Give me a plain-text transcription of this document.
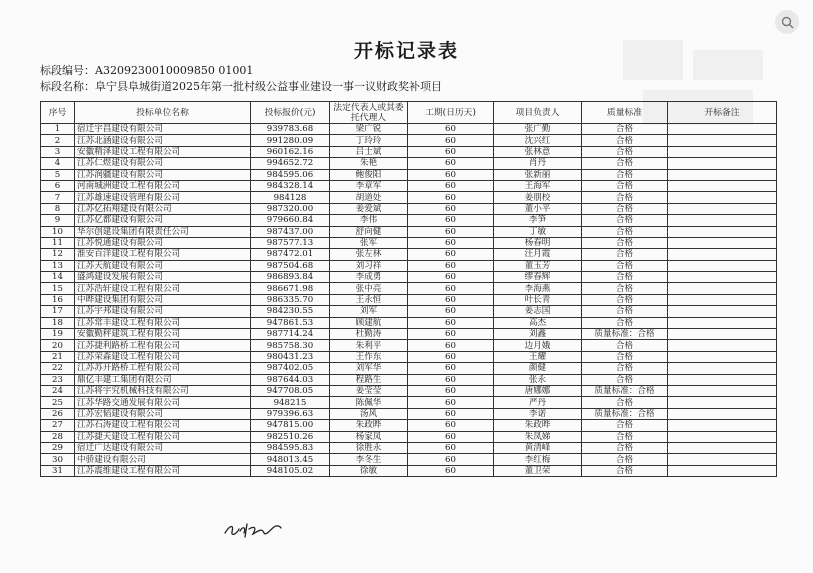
开标记录表
标段编号：A3209230010009850 01001
标段名称：阜宁县阜城街道2025年第一批村级公益事业建设一事一议财政奖补项目
序号	投标单位名称	投标报价(元)	法定代表人或其委托代理人	工期(日历天)	项目负责人	质量标准	开标备注
1	宿迁宇昌建设有限公司	939783.68	梁广锐	60	张广勤	合格	
2	江苏北涵建设有限公司	991280.09	丁玲玲	60	沈兴红	合格	
3	安徽精泽建设工程有限公司	960162.16	吕士斌	60	张林意	合格	
4	江苏仁煜建设有限公司	994652.72	朱艳	60	肖丹	合格	
5	江苏润疆建设有限公司	984595.06	鲍俊阳	60	张新丽	合格	
6	河南城洲建设工程有限公司	984328.14	李章军	60	王海军	合格	
7	江苏雄速建设管理有限公司	984128	胡道处	60	姜朋校	合格	
8	江苏亿拓翔建设有限公司	987320.00	姜爱斌	60	董小平	合格	
9	江苏亿都建设有限公司	979660.84	李伟	60	李笋	合格	
10	华尔创建设集团有限责任公司	987437.00	舒向健	60	丁敏	合格	
11	江苏悦通建设有限公司	987577.13	张军	60	杨春明	合格	
12	淮安百洋建设工程有限公司	987472.01	张左林	60	汪月霞	合格	
13	江苏天航建设有限公司	987504.68	刘习祥	60	董玉芳	合格	
14	盛鸿建设发展有限公司	986893.84	李成勇	60	缪春辉	合格	
15	江苏浩轩建设工程有限公司	986671.98	张中亮	60	李海燕	合格	
16	中晔建设集团有限公司	986335.70	王永恒	60	叶长青	合格	
17	江苏宇邦建设有限公司	984230.55	刘军	60	姜志国	合格	
18	江苏常丰建设工程有限公司	947861.53	顾建航	60	高杰	合格	
19	安徽勤秤建筑工程有限公司	987714.24	杜勤涛	60	刘鑫	质量标准：合格	
20	江苏捷利路桥工程有限公司	985758.30	朱利平	60	边月娥	合格	
21	江苏荣森建设工程有限公司	980431.23	王作东	60	王耀	合格	
22	江苏苏开路桥工程有限公司	987402.05	刘军华	60	颜健	合格	
23	鼎亿丰建工集团有限公司	987644.03	程路生	60	张永	合格	
24	江苏将宇究机械科技有限公司	947708.05	姜莹莹	60	唐娜娜	质量标准：合格	
25	江苏华路交通发展有限公司	948215	陈佩华	60	严丹	合格	
26	江苏宏韬建设有限公司	979396.63	汤风	60	李诺	质量标准：合格	
27	江苏石涛建设工程有限公司	947815.00	朱政晔	60	朱政晔	合格	
28	江苏捷天建设工程有限公司	982510.26	杨家凤	60	朱凤娣	合格	
29	宿迁广达建设有限公司	984595.83	徐胜永	60	黄清峰	合格	
30	中骄建设有限公司	948013.45	李冬生	60	李红梅	合格	
31	江苏震维建设工程有限公司	948105.02	徐敏	60	董卫荣	合格	
